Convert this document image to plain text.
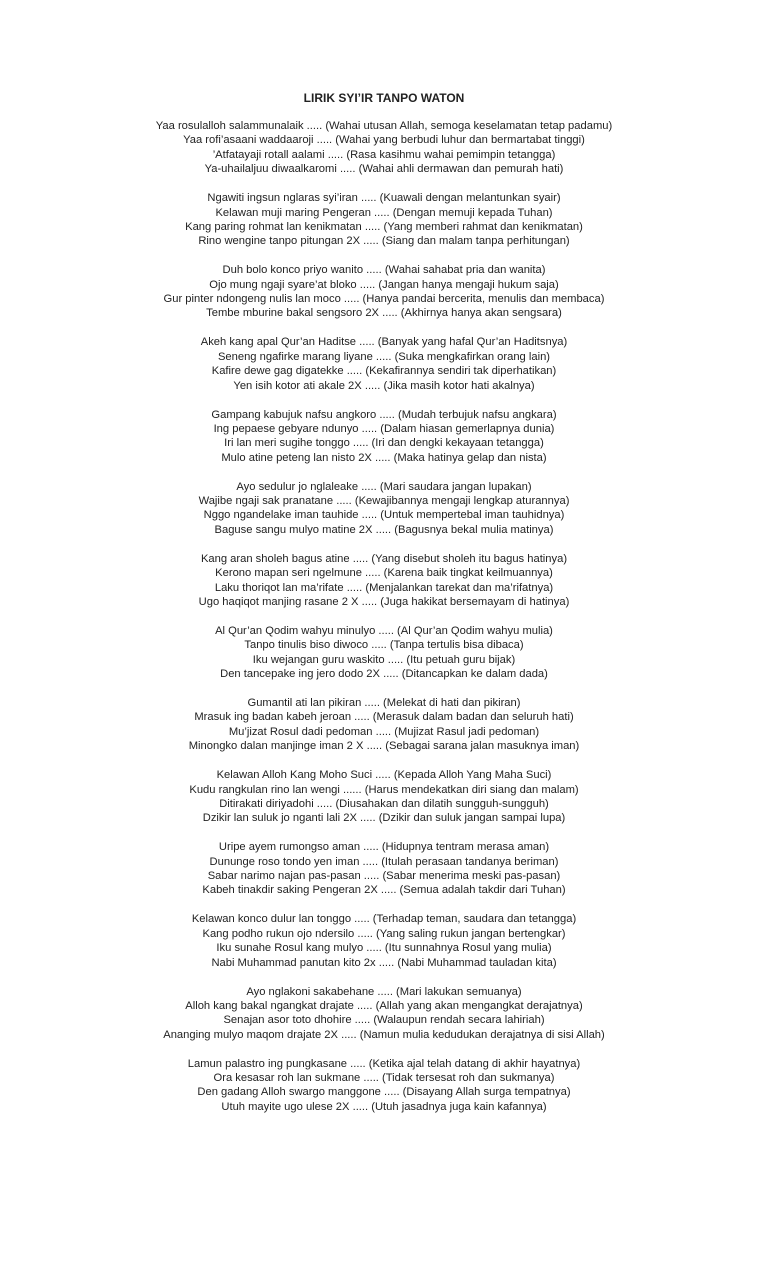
LIRIK SYI’IR TANPO WATON
Yaa rosulalloh salammunalaik ..... (Wahai utusan Allah, semoga keselamatan tetap padamu)
Yaa rofi’asaani waddaaroji ..... (Wahai yang berbudi luhur dan bermartabat tinggi)
’Atfatayaji rotall aalami ..... (Rasa kasihmu wahai pemimpin tetangga)
Ya-uhailaljuu diwaalkaromi ..... (Wahai ahli dermawan dan pemurah hati)
Ngawiti ingsun nglaras syi’iran ..... (Kuawali dengan melantunkan syair)
Kelawan muji maring Pengeran ..... (Dengan memuji kepada Tuhan)
Kang paring rohmat lan kenikmatan ..... (Yang memberi rahmat dan kenikmatan)
Rino wengine tanpo pitungan 2X ..... (Siang dan malam tanpa perhitungan)
Duh bolo konco priyo wanito ..... (Wahai sahabat pria dan wanita)
Ojo mung ngaji syare’at bloko ..... (Jangan hanya mengaji hukum saja)
Gur pinter ndongeng nulis lan moco ..... (Hanya pandai bercerita, menulis dan membaca)
Tembe mburine bakal sengsoro 2X ..... (Akhirnya hanya akan sengsara)
Akeh kang apal Qur’an Haditse ..... (Banyak yang hafal Qur’an Haditsnya)
Seneng ngafirke marang liyane ..... (Suka mengkafirkan orang lain)
Kafire dewe gag digatekke ..... (Kekafirannya sendiri tak diperhatikan)
Yen isih kotor ati akale 2X ..... (Jika masih kotor hati akalnya)
Gampang kabujuk nafsu angkoro ..... (Mudah terbujuk nafsu angkara)
Ing pepaese gebyare ndunyo ..... (Dalam hiasan gemerlapnya dunia)
Iri lan meri sugihe tonggo ..... (Iri dan dengki kekayaan tetangga)
Mulo atine peteng lan nisto 2X ..... (Maka hatinya gelap dan nista)
Ayo sedulur jo nglaleake ..... (Mari saudara jangan lupakan)
Wajibe ngaji sak pranatane ..... (Kewajibannya mengaji lengkap aturannya)
Nggo ngandelake iman tauhide ..... (Untuk mempertebal iman tauhidnya)
Baguse sangu mulyo matine 2X ..... (Bagusnya bekal mulia matinya)
Kang aran sholeh bagus atine ..... (Yang disebut sholeh itu bagus hatinya)
Kerono mapan seri ngelmune ..... (Karena baik tingkat keilmuannya)
Laku thoriqot lan ma’rifate ..... (Menjalankan tarekat dan ma’rifatnya)
Ugo haqiqot manjing rasane 2 X ..... (Juga hakikat bersemayam di hatinya)
Al Qur’an Qodim wahyu minulyo ..... (Al Qur’an Qodim wahyu mulia)
Tanpo tinulis biso diwoco ..... (Tanpa tertulis bisa dibaca)
Iku wejangan guru waskito ..... (Itu petuah guru bijak)
Den tancepake ing jero dodo 2X ..... (Ditancapkan ke dalam dada)
Gumantil ati lan pikiran ..... (Melekat di hati dan pikiran)
Mrasuk ing badan kabeh jeroan ..... (Merasuk dalam badan dan seluruh hati)
Mu’jizat Rosul dadi pedoman ..... (Mujizat Rasul jadi pedoman)
Minongko dalan manjinge iman 2 X ..... (Sebagai sarana jalan masuknya iman)
Kelawan Alloh Kang Moho Suci ..... (Kepada Alloh Yang Maha Suci)
Kudu rangkulan rino lan wengi ...... (Harus mendekatkan diri siang dan malam)
Ditirakati diriyadohi ..... (Diusahakan dan dilatih sungguh-sungguh)
Dzikir lan suluk jo nganti lali 2X ..... (Dzikir dan suluk jangan sampai lupa)
Uripe ayem rumongso aman ..... (Hidupnya tentram merasa aman)
Dununge roso tondo yen iman ..... (Itulah perasaan tandanya beriman)
Sabar narimo najan pas-pasan ..... (Sabar menerima meski pas-pasan)
Kabeh tinakdir saking Pengeran 2X ..... (Semua adalah takdir dari Tuhan)
Kelawan konco dulur lan tonggo ..... (Terhadap teman, saudara dan tetangga)
Kang podho rukun ojo ndersilo ..... (Yang saling rukun jangan bertengkar)
Iku sunahe Rosul kang mulyo ..... (Itu sunnahnya Rosul yang mulia)
Nabi Muhammad panutan kito 2x ..... (Nabi Muhammad tauladan kita)
Ayo nglakoni sakabehane ..... (Mari lakukan semuanya)
Alloh kang bakal ngangkat drajate ..... (Allah yang akan mengangkat derajatnya)
Senajan asor toto dhohire ..... (Walaupun rendah secara lahiriah)
Ananging mulyo maqom drajate 2X ..... (Namun mulia kedudukan derajatnya di sisi Allah)
Lamun palastro ing pungkasane ..... (Ketika ajal telah datang di akhir hayatnya)
Ora kesasar roh lan sukmane ..... (Tidak tersesat roh dan sukmanya)
Den gadang Alloh swargo manggone ..... (Disayang Allah surga tempatnya)
Utuh mayite ugo ulese 2X ..... (Utuh jasadnya juga kain kafannya)
